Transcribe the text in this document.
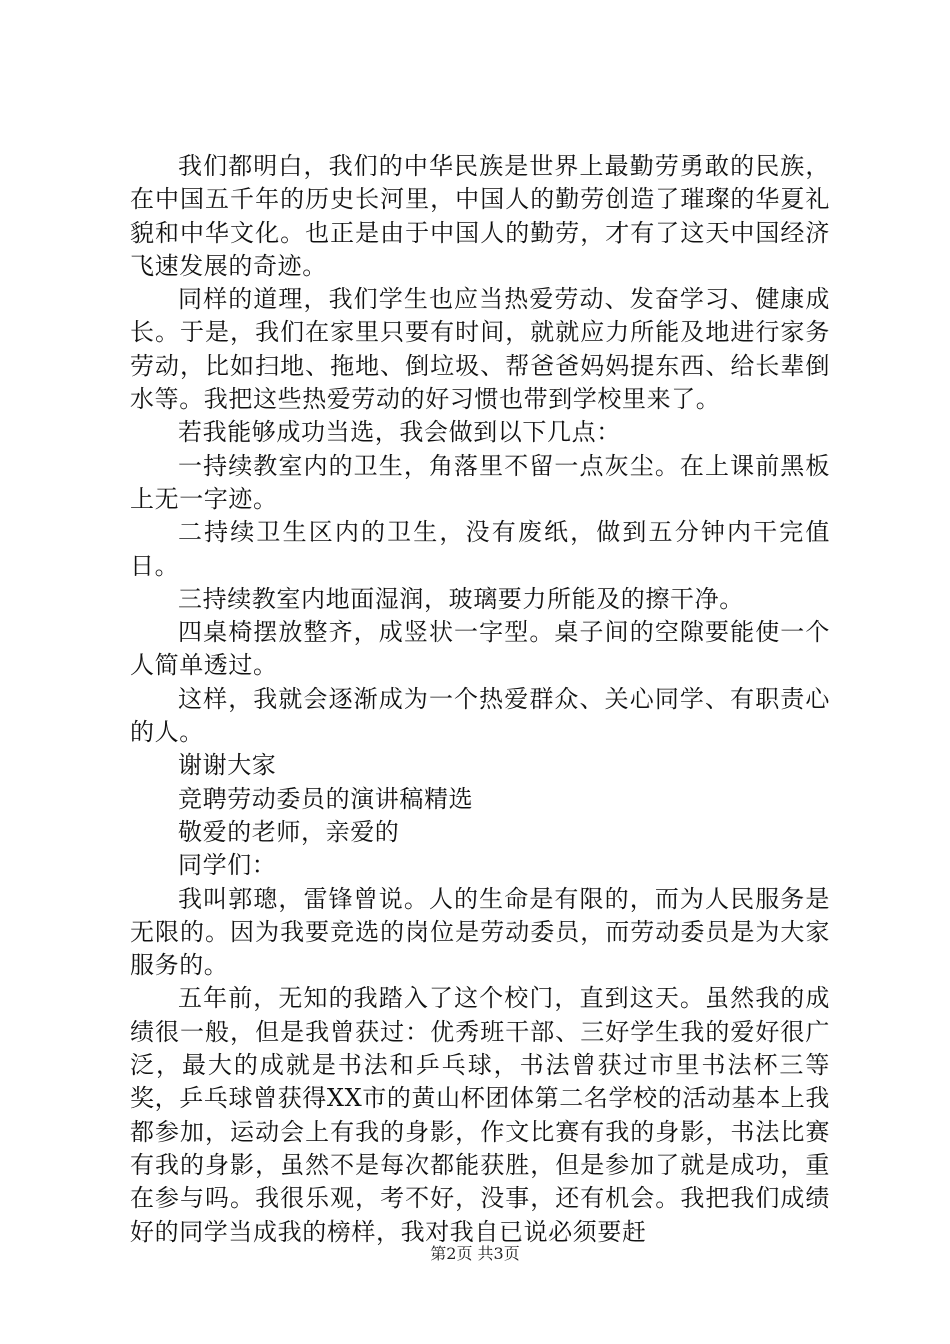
我们都明白，我们的中华民族是世界上最勤劳勇敢的民族，在中国五千年的历史长河里，中国人的勤劳创造了璀璨的华夏礼貌和中华文化。也正是由于中国人的勤劳，才有了这天中国经济飞速发展的奇迹。

同样的道理，我们学生也应当热爱劳动、发奋学习、健康成长。于是，我们在家里只要有时间，就就应力所能及地进行家务劳动，比如扫地、拖地、倒垃圾、帮爸爸妈妈提东西、给长辈倒水等。我把这些热爱劳动的好习惯也带到学校里来了。

若我能够成功当选，我会做到以下几点：

一持续教室内的卫生，角落里不留一点灰尘。在上课前黑板上无一字迹。

二持续卫生区内的卫生，没有废纸，做到五分钟内干完值日。

三持续教室内地面湿润，玻璃要力所能及的擦干净。

四桌椅摆放整齐，成竖状一字型。桌子间的空隙要能使一个人简单透过。

这样，我就会逐渐成为一个热爱群众、关心同学、有职责心的人。

谢谢大家

竞聘劳动委员的演讲稿精选

敬爱的老师，亲爱的

同学们：

我叫郭璁，雷锋曾说。人的生命是有限的，而为人民服务是无限的。因为我要竞选的岗位是劳动委员，而劳动委员是为大家服务的。

五年前，无知的我踏入了这个校门，直到这天。虽然我的成绩很一般，但是我曾获过：优秀班干部、三好学生我的爱好很广泛，最大的成就是书法和乒乓球，书法曾获过市里书法杯三等奖，乒乓球曾获得XX市的黄山杯团体第二名学校的活动基本上我都参加，运动会上有我的身影，作文比赛有我的身影，书法比赛有我的身影，虽然不是每次都能获胜，但是参加了就是成功，重在参与吗。我很乐观，考不好，没事，还有机会。我把我们成绩好的同学当成我的榜样，我对我自已说必须要赶

第2页 共3页
